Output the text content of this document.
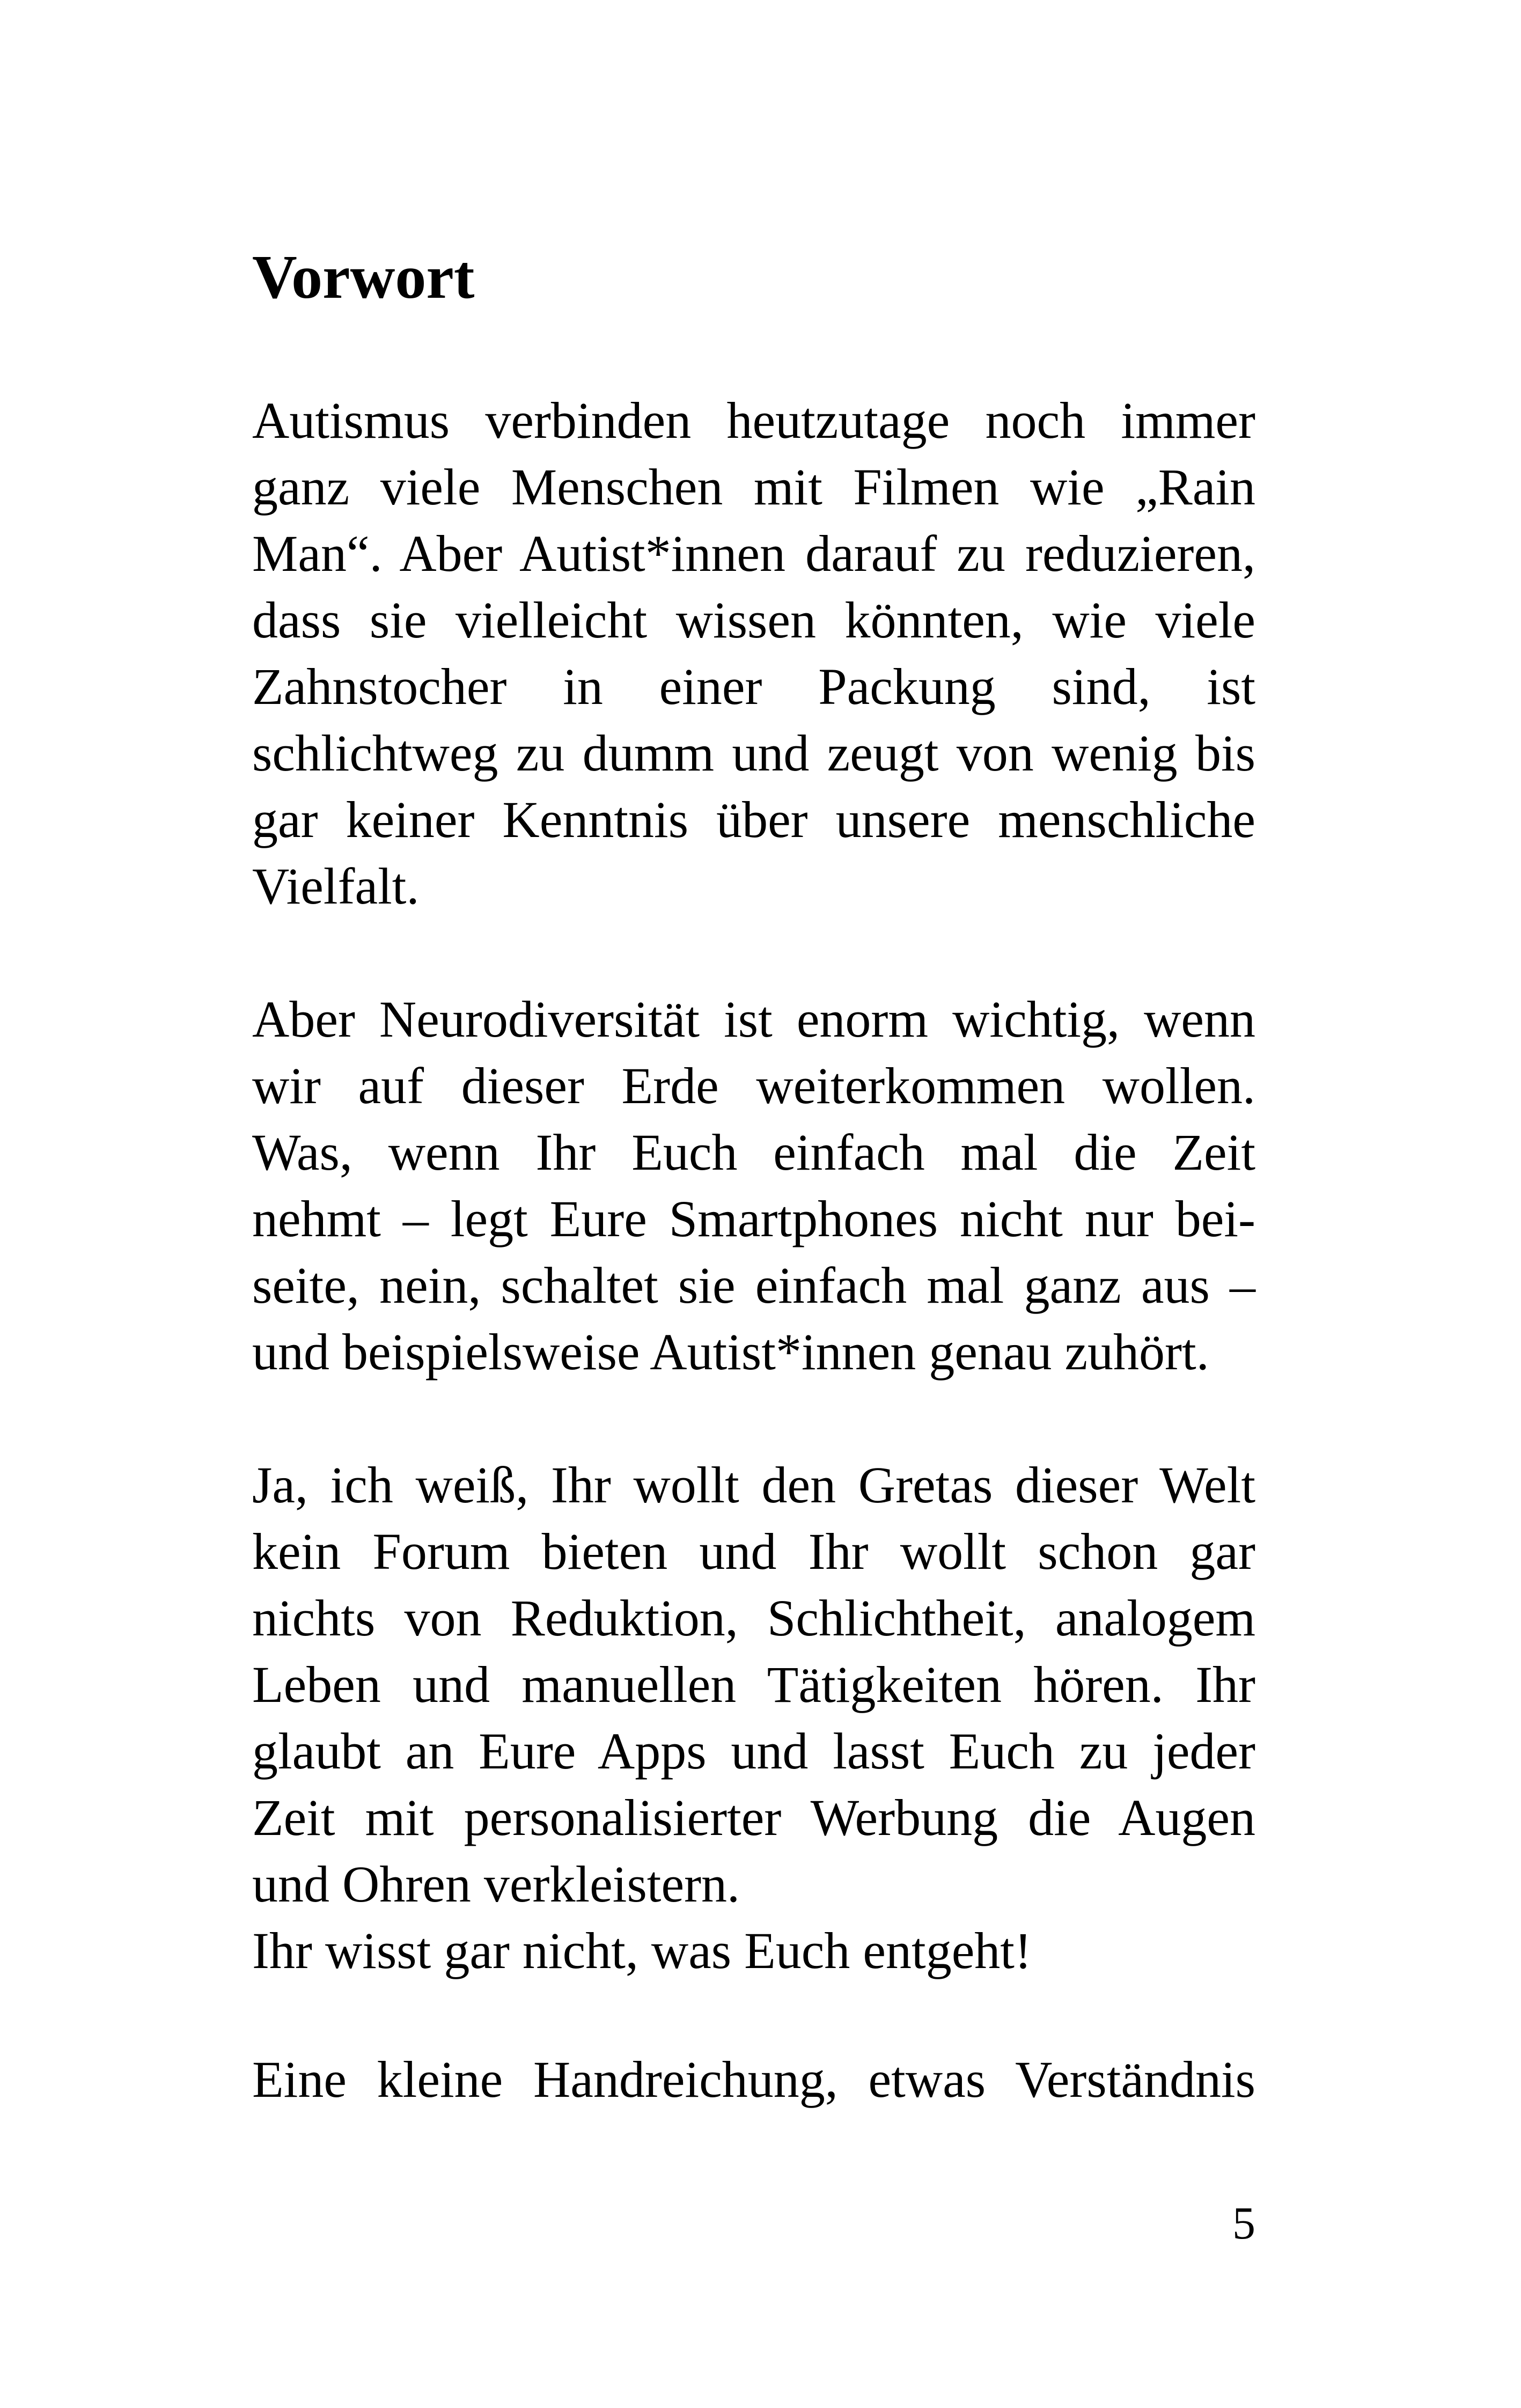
Vorwort
Autismus verbinden heutzutage noch immer
ganz viele Menschen mit Filmen wie „Rain
Man“. Aber Autist*innen darauf zu reduzieren,
dass sie vielleicht wissen könnten, wie viele
Zahnstocher in einer Packung sind, ist
schlichtweg zu dumm und zeugt von wenig bis
gar keiner Kenntnis über unsere menschliche
Vielfalt.
Aber Neurodiversität ist enorm wichtig, wenn
wir auf dieser Erde weiterkommen wollen.
Was, wenn Ihr Euch einfach mal die Zeit
nehmt – legt Eure Smartphones nicht nur bei-
seite, nein, schaltet sie einfach mal ganz aus –
und beispielsweise Autist*innen genau zuhört.
Ja, ich weiß, Ihr wollt den Gretas dieser Welt
kein Forum bieten und Ihr wollt schon gar
nichts von Reduktion, Schlichtheit, analogem
Leben und manuellen Tätigkeiten hören. Ihr
glaubt an Eure Apps und lasst Euch zu jeder
Zeit mit personalisierter Werbung die Augen
und Ohren verkleistern.
Ihr wisst gar nicht, was Euch entgeht!
Eine kleine Handreichung, etwas Verständnis
5
